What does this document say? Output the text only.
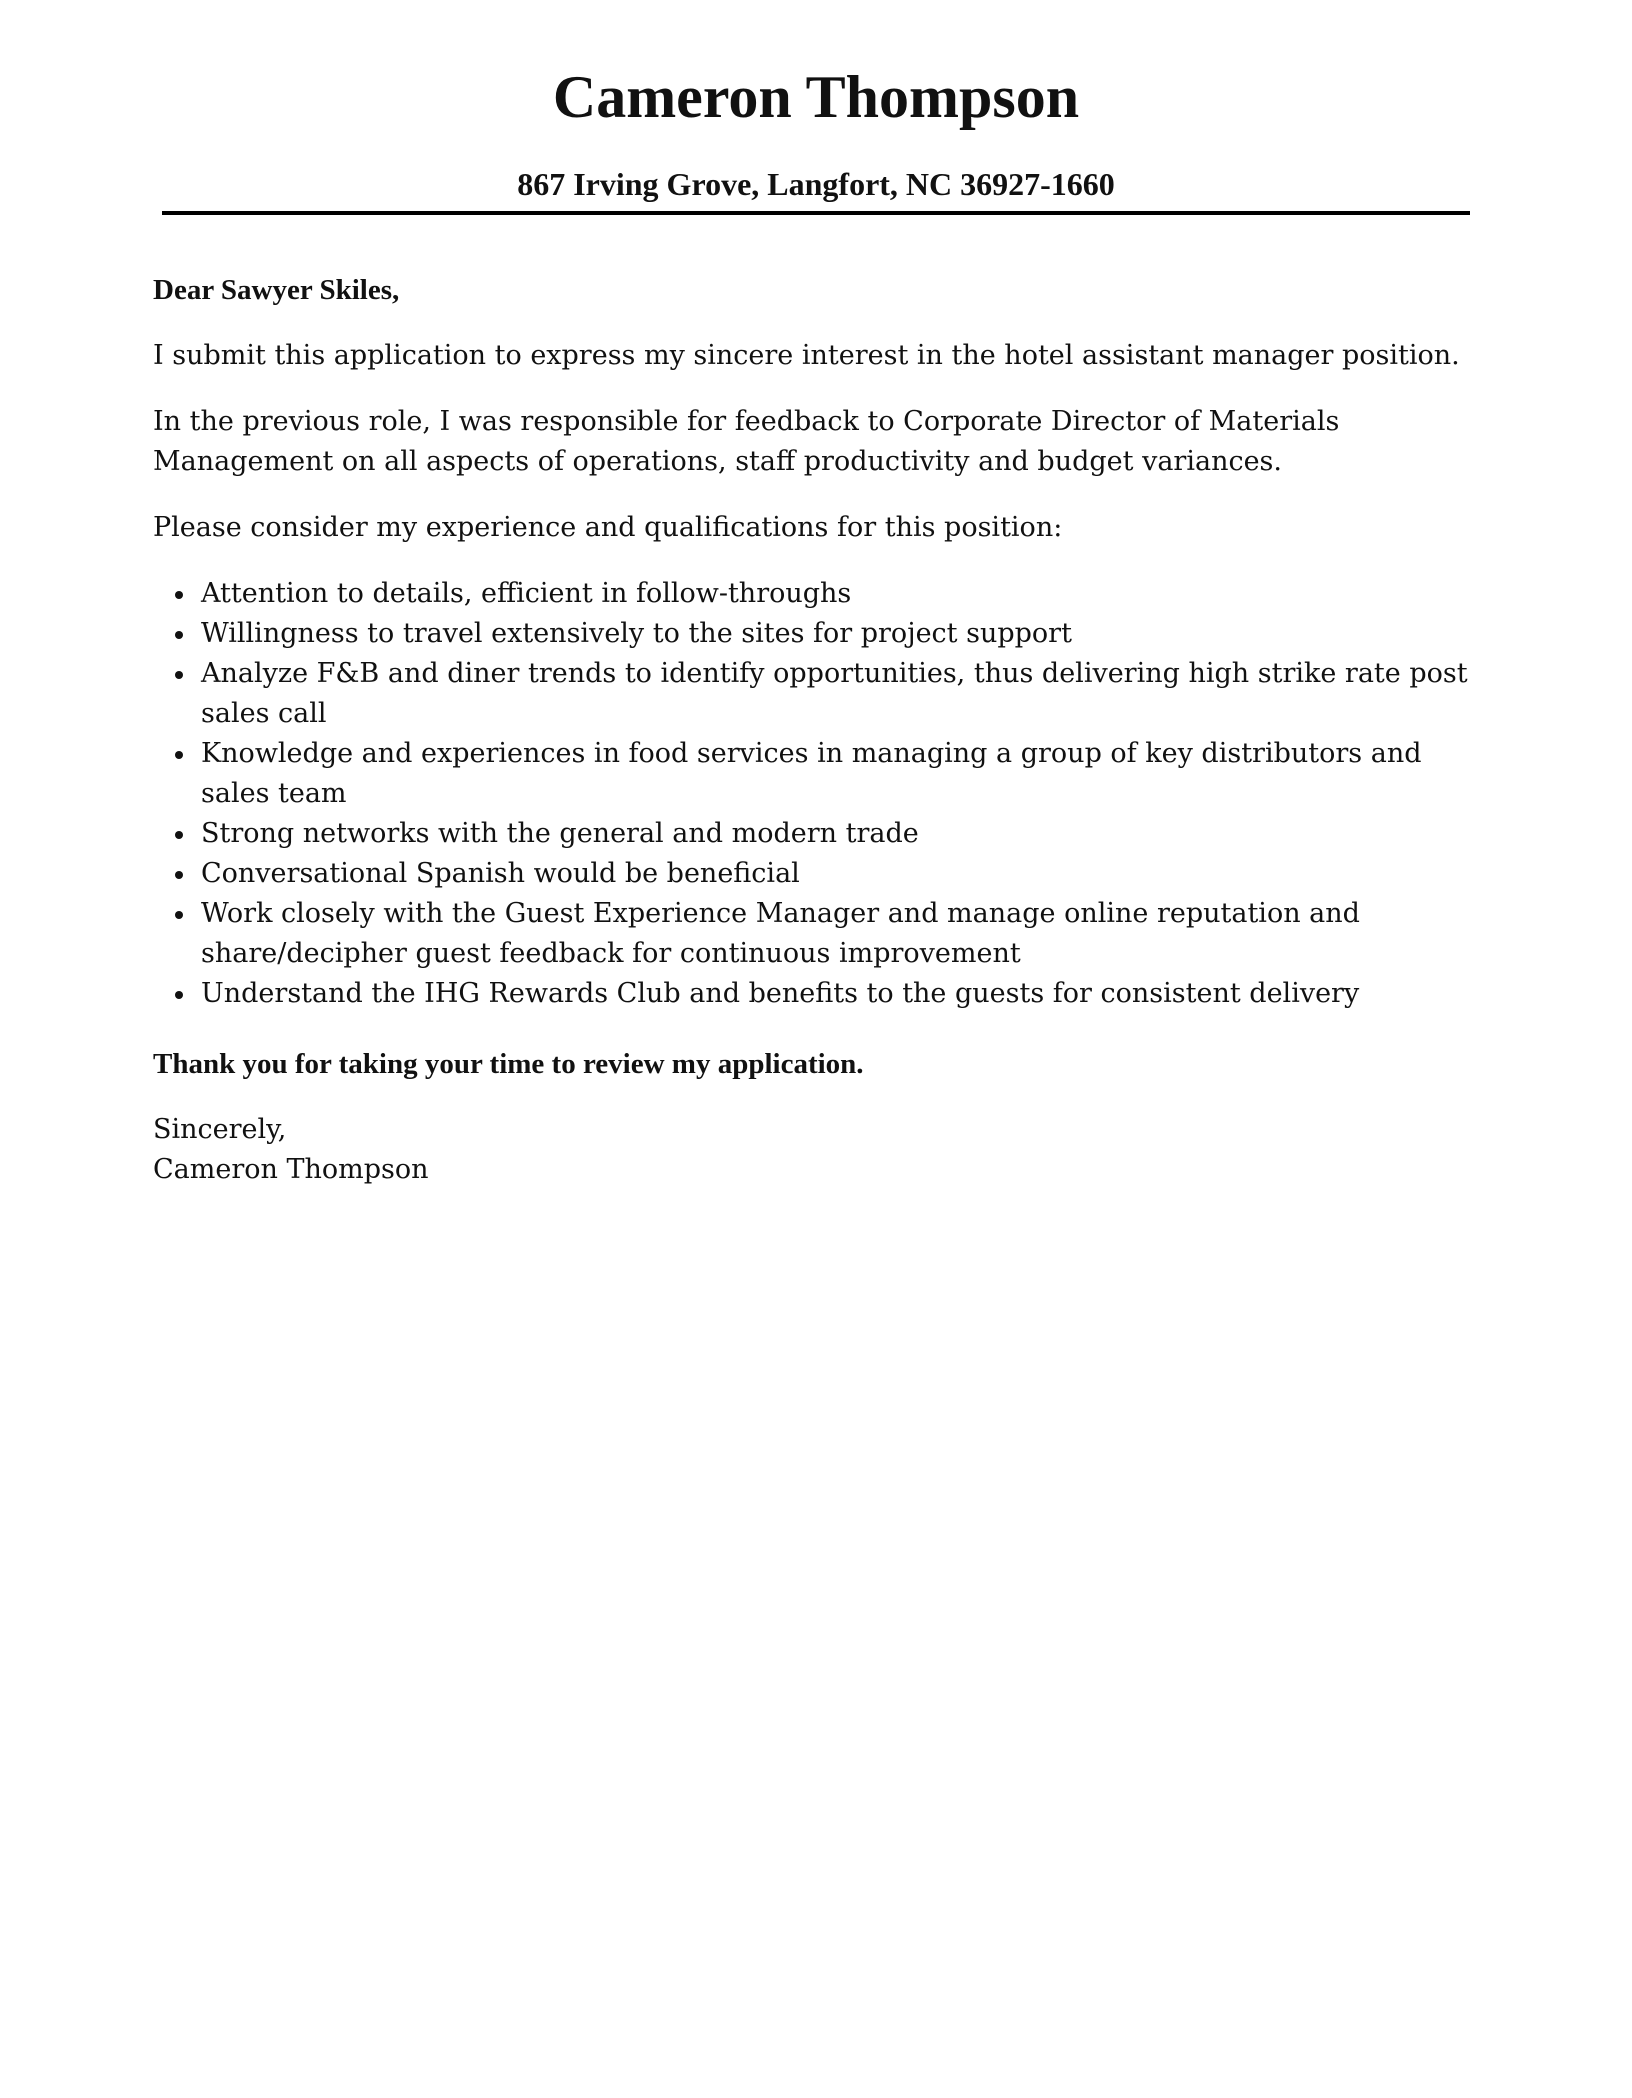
Cameron Thompson
867 Irving Grove, Langfort, NC 36927-1660

Dear Sawyer Skiles,

I submit this application to express my sincere interest in the hotel assistant manager position.

In the previous role, I was responsible for feedback to Corporate Director of Materials Management on all aspects of operations, staff productivity and budget variances.

Please consider my experience and qualifications for this position:

Attention to details, efficient in follow-throughs
Willingness to travel extensively to the sites for project support
Analyze F&B and diner trends to identify opportunities, thus delivering high strike rate post sales call
Knowledge and experiences in food services in managing a group of key distributors and sales team
Strong networks with the general and modern trade
Conversational Spanish would be beneficial
Work closely with the Guest Experience Manager and manage online reputation and share/decipher guest feedback for continuous improvement
Understand the IHG Rewards Club and benefits to the guests for consistent delivery

Thank you for taking your time to review my application.

Sincerely,

Cameron Thompson
